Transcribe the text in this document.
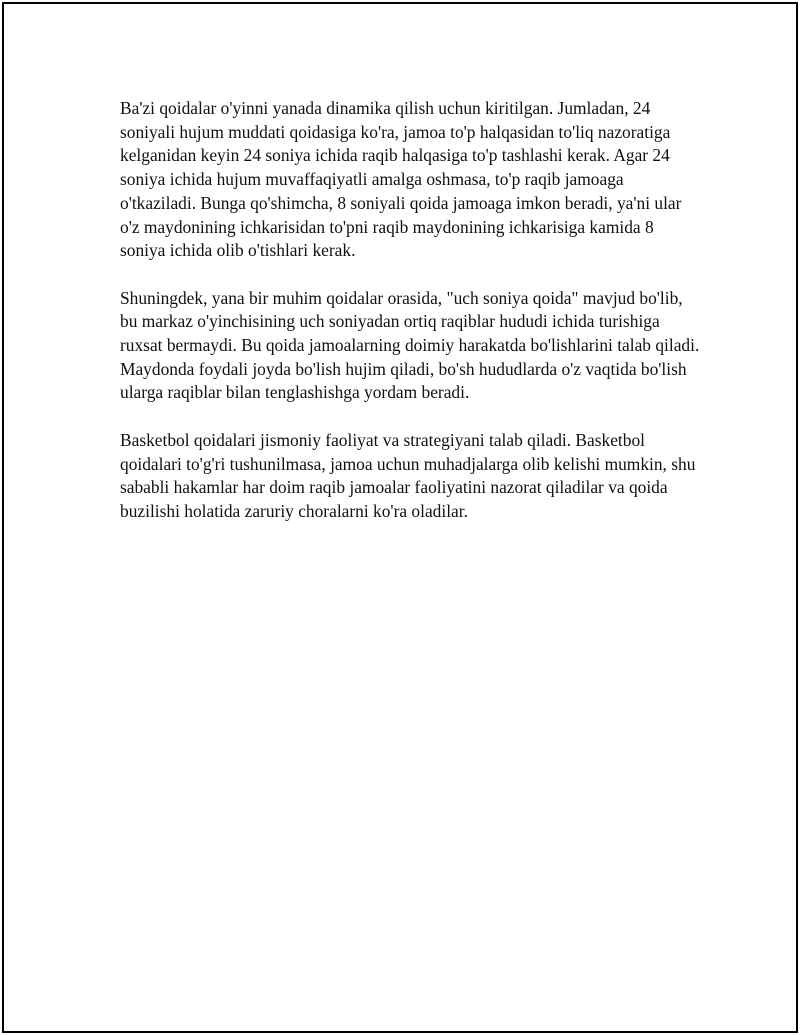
Ba'zi qoidalar o'yinni yanada dinamika qilish uchun kiritilgan. Jumladan, 24 soniyali hujum muddati qoidasiga ko'ra, jamoa to'p halqasidan to'liq nazoratiga kelganidan keyin 24 soniya ichida raqib halqasiga to'p tashlashi kerak. Agar 24 soniya ichida hujum muvaffaqiyatli amalga oshmasa, to'p raqib jamoaga o'tkaziladi. Bunga qo'shimcha, 8 soniyali qoida jamoaga imkon beradi, ya'ni ular o'z maydonining ichkarisidan to'pni raqib maydonining ichkarisiga kamida 8 soniya ichida olib o'tishlari kerak.

Shuningdek, yana bir muhim qoidalar orasida, "uch soniya qoida" mavjud bo'lib, bu markaz o'yinchisining uch soniyadan ortiq raqiblar hududi ichida turishiga ruxsat bermaydi. Bu qoida jamoalarning doimiy harakatda bo'lishlarini talab qiladi. Maydonda foydali joyda bo'lish hujim qiladi, bo'sh hududlarda o'z vaqtida bo'lish ularga raqiblar bilan tenglashishga yordam beradi.

Basketbol qoidalari jismoniy faoliyat va strategiyani talab qiladi. Basketbol qoidalari to'g'ri tushunilmasa, jamoa uchun muhadjalarga olib kelishi mumkin, shu sababli hakamlar har doim raqib jamoalar faoliyatini nazorat qiladilar va qoida buzilishi holatida zaruriy choralarni ko'ra oladilar.
